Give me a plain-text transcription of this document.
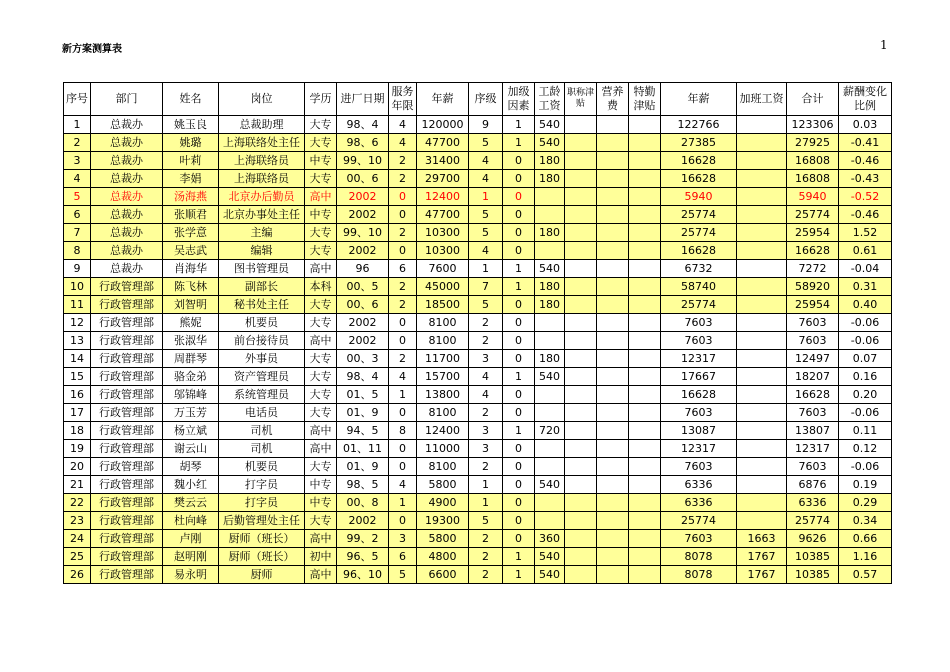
新方案测算表	1
序号	部门	姓名	岗位	学历	进厂日期	服务年限	年薪	序级	加级因素	工龄工资	职称津贴	营养费	特勤津贴	年薪	加班工资	合计	薪酬变化比例
1	总裁办	姚玉良	总裁助理	大专	98、4	4	120000	9	1	540				122766		123306	0.03
2	总裁办	姚璐	上海联络处主任	大专	98、6	4	47700	5	1	540				27385		27925	-0.41
3	总裁办	叶莉	上海联络员	中专	99、10	2	31400	4	0	180				16628		16808	-0.46
4	总裁办	李娟	上海联络员	大专	00、6	2	29700	4	0	180				16628		16808	-0.43
5	总裁办	汤海燕	北京办后勤员	高中	2002	0	12400	1	0					5940		5940	-0.52
6	总裁办	张顺君	北京办事处主任	中专	2002	0	47700	5	0					25774		25774	-0.46
7	总裁办	张学意	主编	大专	99、10	2	10300	5	0	180				25774		25954	1.52
8	总裁办	吴志武	编辑	大专	2002	0	10300	4	0					16628		16628	0.61
9	总裁办	肖海华	图书管理员	高中	96	6	7600	1	1	540				6732		7272	-0.04
10	行政管理部	陈飞林	副部长	本科	00、5	2	45000	7	1	180				58740		58920	0.31
11	行政管理部	刘智明	秘书处主任	大专	00、6	2	18500	5	0	180				25774		25954	0.40
12	行政管理部	熊妮	机要员	大专	2002	0	8100	2	0					7603		7603	-0.06
13	行政管理部	张淑华	前台接待员	高中	2002	0	8100	2	0					7603		7603	-0.06
14	行政管理部	周群琴	外事员	大专	00、3	2	11700	3	0	180				12317		12497	0.07
15	行政管理部	骆金弟	资产管理员	大专	98、4	4	15700	4	1	540				17667		18207	0.16
16	行政管理部	邬锦峰	系统管理员	大专	01、5	1	13800	4	0					16628		16628	0.20
17	行政管理部	万玉芳	电话员	大专	01、9	0	8100	2	0					7603		7603	-0.06
18	行政管理部	杨立斌	司机	高中	94、5	8	12400	3	1	720				13087		13807	0.11
19	行政管理部	谢云山	司机	高中	01、11	0	11000	3	0					12317		12317	0.12
20	行政管理部	胡琴	机要员	大专	01、9	0	8100	2	0					7603		7603	-0.06
21	行政管理部	魏小红	打字员	中专	98、5	4	5800	1	0	540				6336		6876	0.19
22	行政管理部	樊云云	打字员	中专	00、8	1	4900	1	0					6336		6336	0.29
23	行政管理部	杜向峰	后勤管理处主任	大专	2002	0	19300	5	0					25774		25774	0.34
24	行政管理部	卢刚	厨师（班长）	高中	99、2	3	5800	2	0	360				7603	1663	9626	0.66
25	行政管理部	赵明刚	厨师（班长）	初中	96、5	6	4800	2	1	540				8078	1767	10385	1.16
26	行政管理部	易永明	厨师	高中	96、10	5	6600	2	1	540				8078	1767	10385	0.57
